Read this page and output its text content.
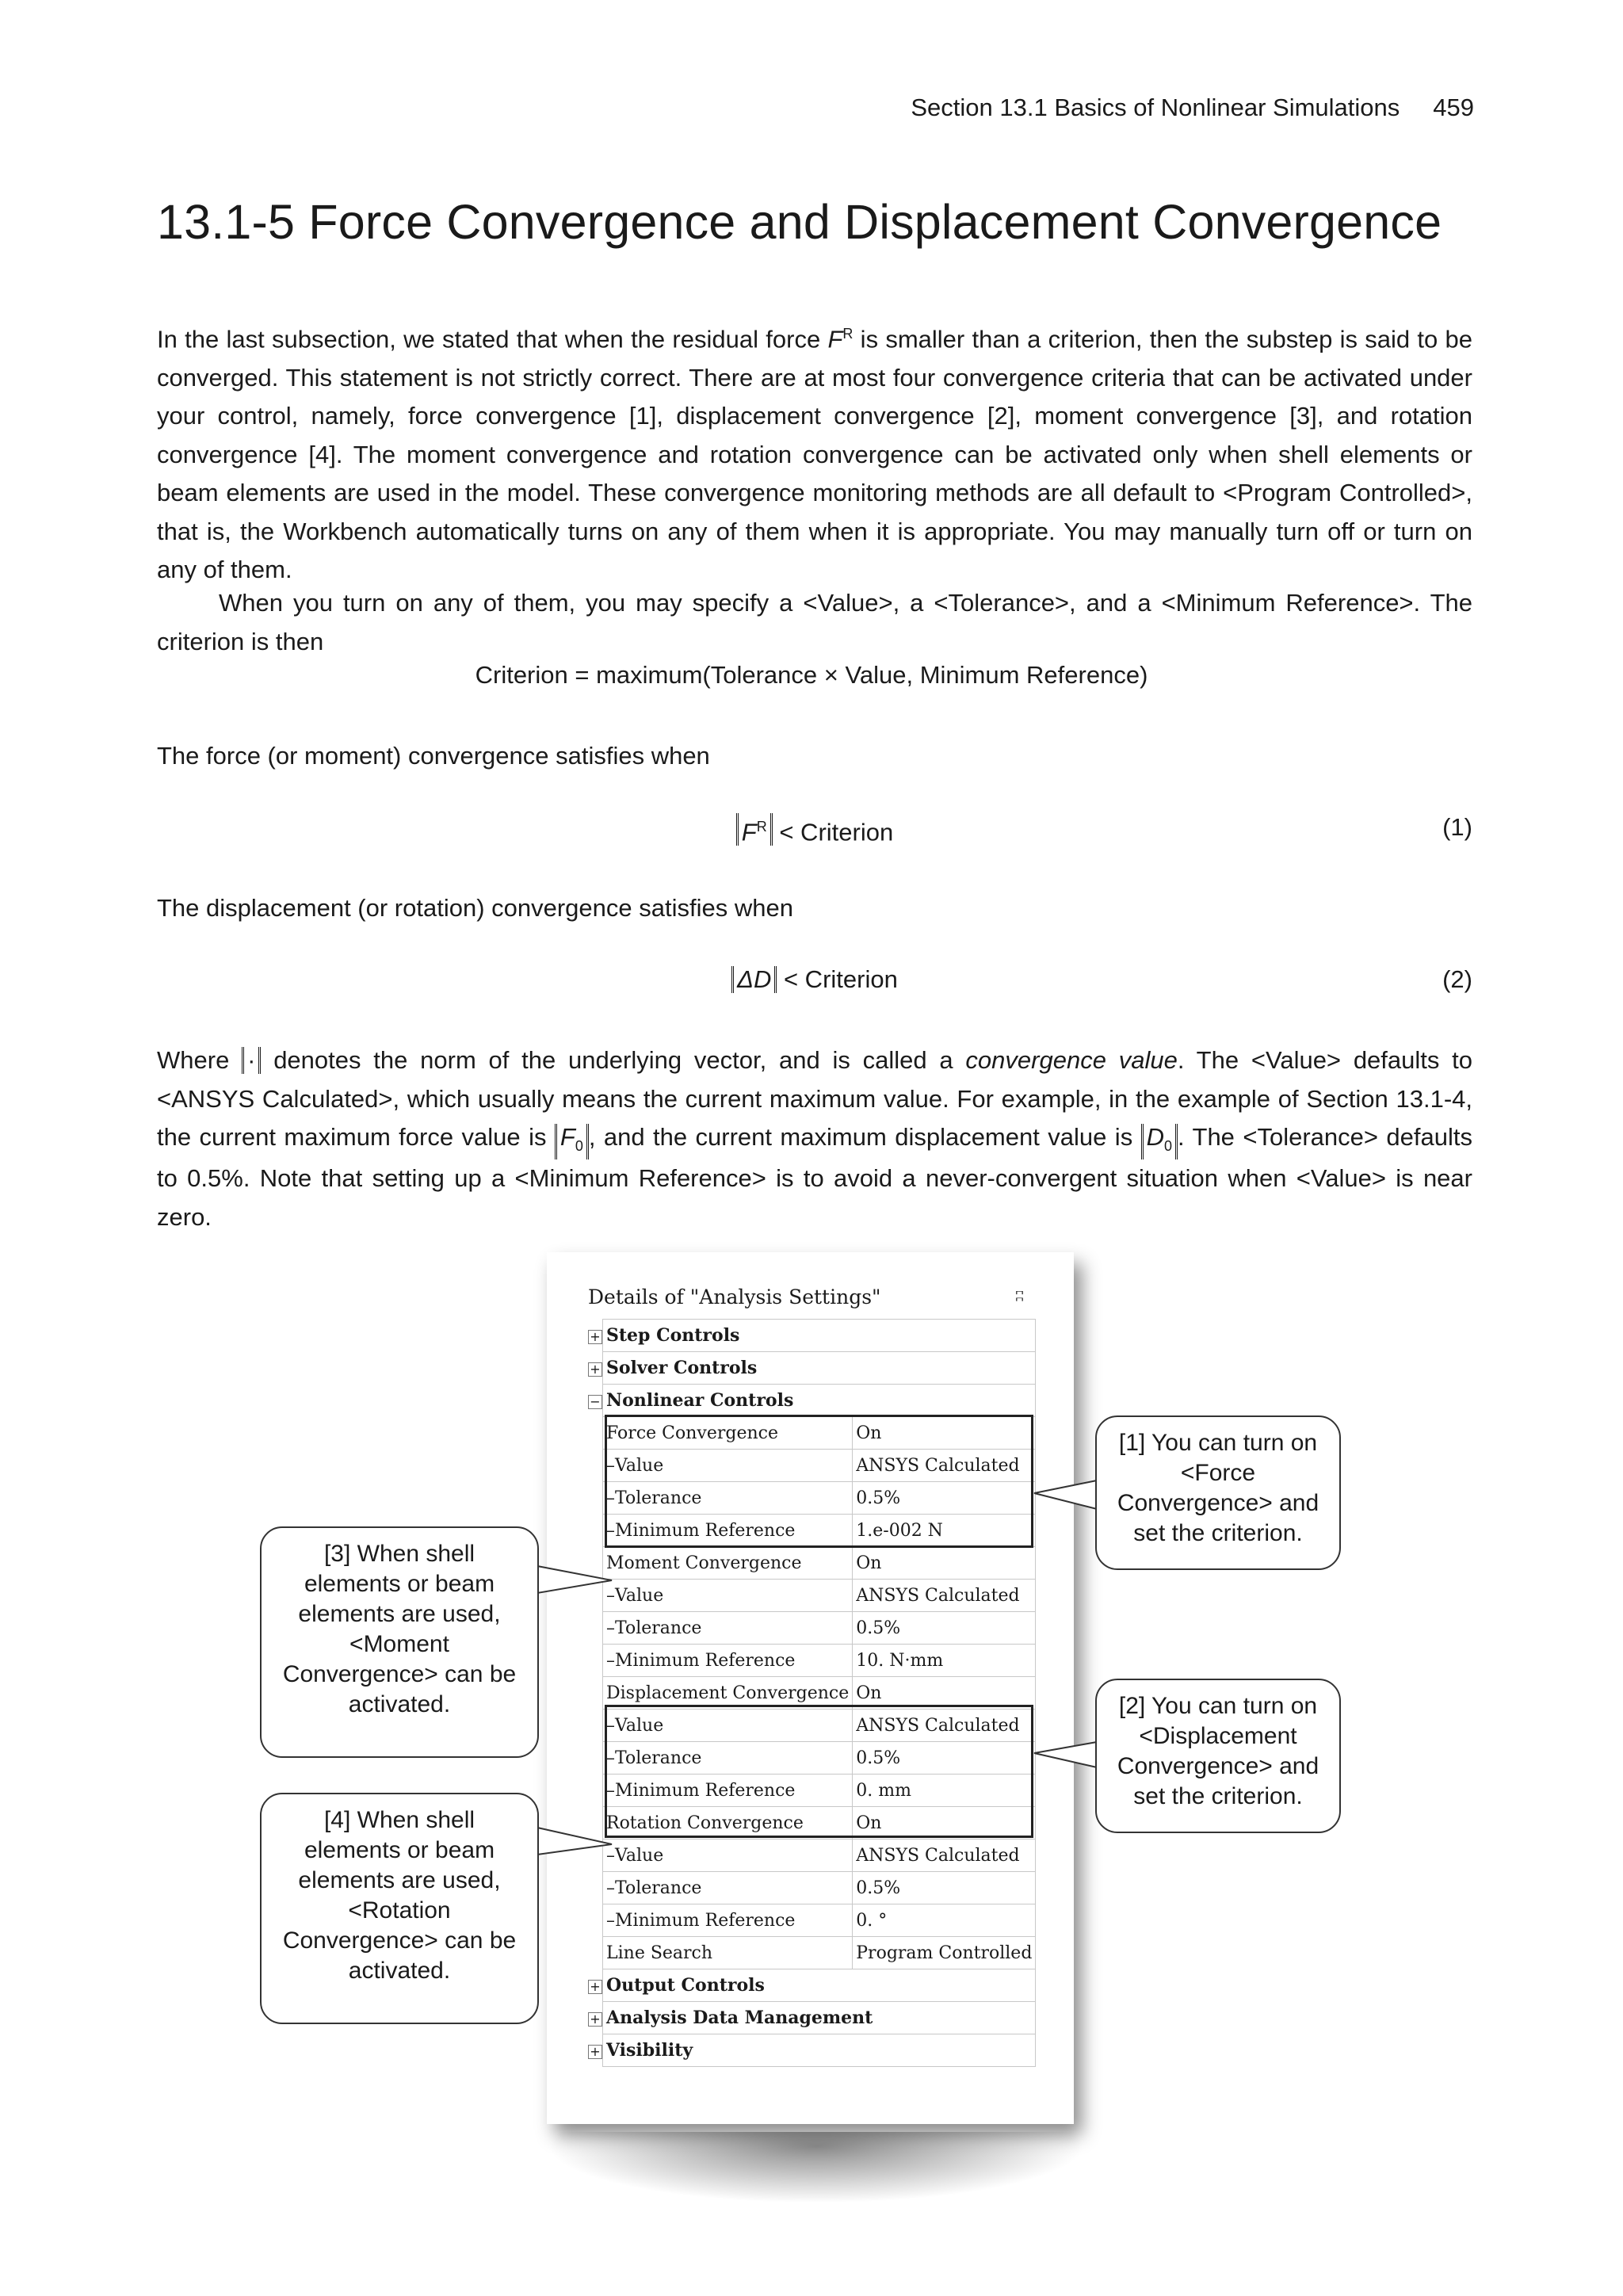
Section 13.1 Basics of Nonlinear Simulations 459
13.1-5 Force Convergence and Displacement Convergence
In the last subsection, we stated that when the residual force $F^R$ is smaller than a criterion, then the substep is said to be converged. This statement is not strictly correct. There are at most four convergence criteria that can be activated under your control, namely, force convergence [1], displacement convergence [2], moment convergence [3], and rotation convergence [4]. The moment convergence and rotation convergence can be activated only when shell elements or beam elements are used in the model. These convergence monitoring methods are all default to <Program Controlled>, that is, the Workbench automatically turns on any of them when it is appropriate. You may manually turn off or turn on any of them.
When you turn on any of them, you may specify a <Value>, a <Tolerance>, and a <Minimum Reference>. The criterion is then
Criterion = maximum(Tolerance × Value, Minimum Reference)
The force (or moment) convergence satisfies when
$F^R$ < Criterion	(1)
The displacement (or rotation) convergence satisfies when
ΔD < Criterion	(2)
Where · denotes the norm of the underlying vector, and is called a convergence value. The <Value> defaults to <ANSYS Calculated>, which usually means the current maximum value. For example, in the example of Section 13.1-4, the current maximum force value is $F_0$ , and the current maximum displacement value is $D_0$ . The <Tolerance> defaults to 0.5%. Note that setting up a <Minimum Reference> is to avoid a never-convergent situation when <Value> is near zero.
Details of "Analysis Settings"	ʭ
+	Step Controls	
+	Solver Controls	
−	Nonlinear Controls	
	Force Convergence	On
	–Value	ANSYS Calculated
	–Tolerance	0.5%
	–Minimum Reference	1.e-002 N
	Moment Convergence	On
	–Value	ANSYS Calculated
	–Tolerance	0.5%
	–Minimum Reference	10. N·mm
	Displacement Convergence	On
	–Value	ANSYS Calculated
	–Tolerance	0.5%
	–Minimum Reference	0. mm
	Rotation Convergence	On
	–Value	ANSYS Calculated
	–Tolerance	0.5%
	–Minimum Reference	0. °
	Line Search	Program Controlled
+	Output Controls	
+	Analysis Data Management	
+	Visibility	
[1] You can turn on <Force Convergence> and set the criterion.
[2] You can turn on <Displacement Convergence> and set the criterion.
[3] When shell elements or beam elements are used, <Moment Convergence> can be activated.
[4] When shell elements or beam elements are used, <Rotation Convergence> can be activated.
